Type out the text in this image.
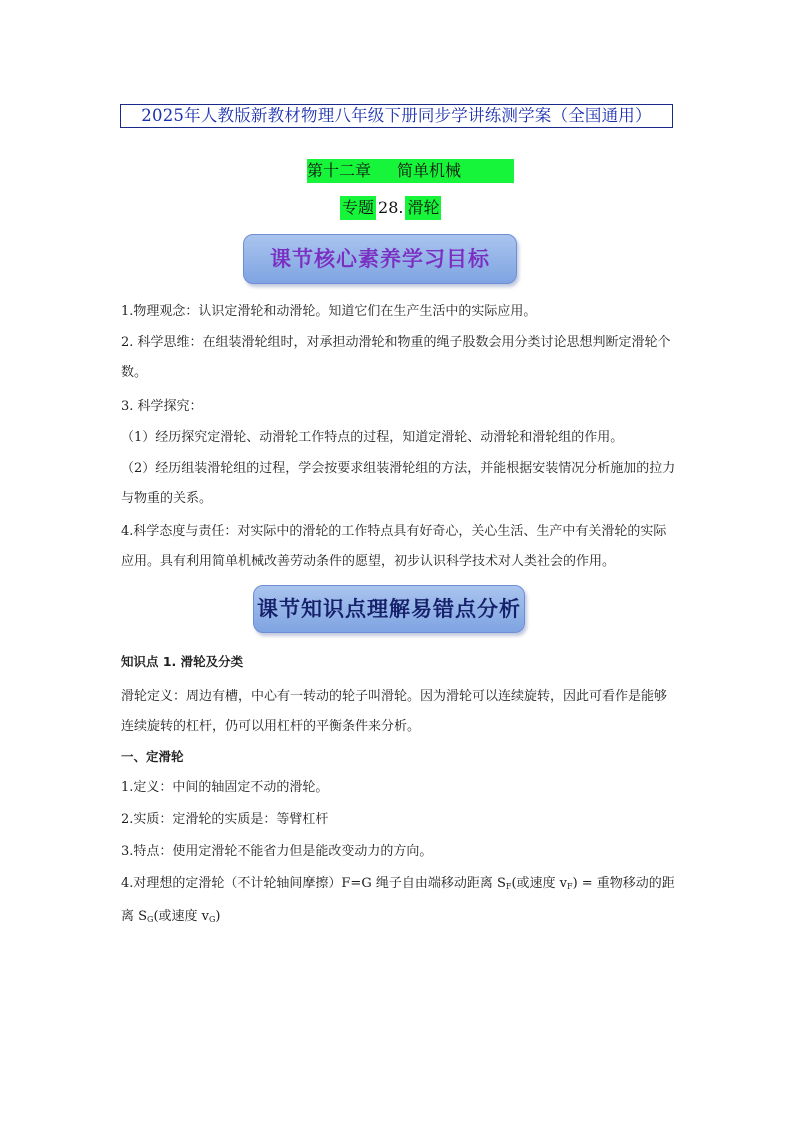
2025年人教版新教材物理八年级下册同步学讲练测学案（全国通用）
第十二章 简单机械
专题 28. 滑轮
课节核心素养学习目标
1.物理观念：认识定滑轮和动滑轮。知道它们在生产生活中的实际应用。
2. 科学思维：在组装滑轮组时，对承担动滑轮和物重的绳子股数会用分类讨论思想判断定滑轮个数。
3. 科学探究：
（1）经历探究定滑轮、动滑轮工作特点的过程，知道定滑轮、动滑轮和滑轮组的作用。
（2）经历组装滑轮组的过程，学会按要求组装滑轮组的方法，并能根据安装情况分析施加的拉力与物重的关系。
4.科学态度与责任：对实际中的滑轮的工作特点具有好奇心，关心生活、生产中有关滑轮的实际应用。具有利用简单机械改善劳动条件的愿望，初步认识科学技术对人类社会的作用。
课节知识点理解易错点分析
知识点 1. 滑轮及分类
滑轮定义：周边有槽，中心有一转动的轮子叫滑轮。因为滑轮可以连续旋转，因此可看作是能够连续旋转的杠杆，仍可以用杠杆的平衡条件来分析。
一、定滑轮
1.定义：中间的轴固定不动的滑轮。
2.实质：定滑轮的实质是：等臂杠杆
3.特点：使用定滑轮不能省力但是能改变动力的方向。
4.对理想的定滑轮（不计轮轴间摩擦）F=G 绳子自由端移动距离 $S_F$(或速度 $v_F$) = 重物移动的距离 $S_G$(或速度 $v_G$)
